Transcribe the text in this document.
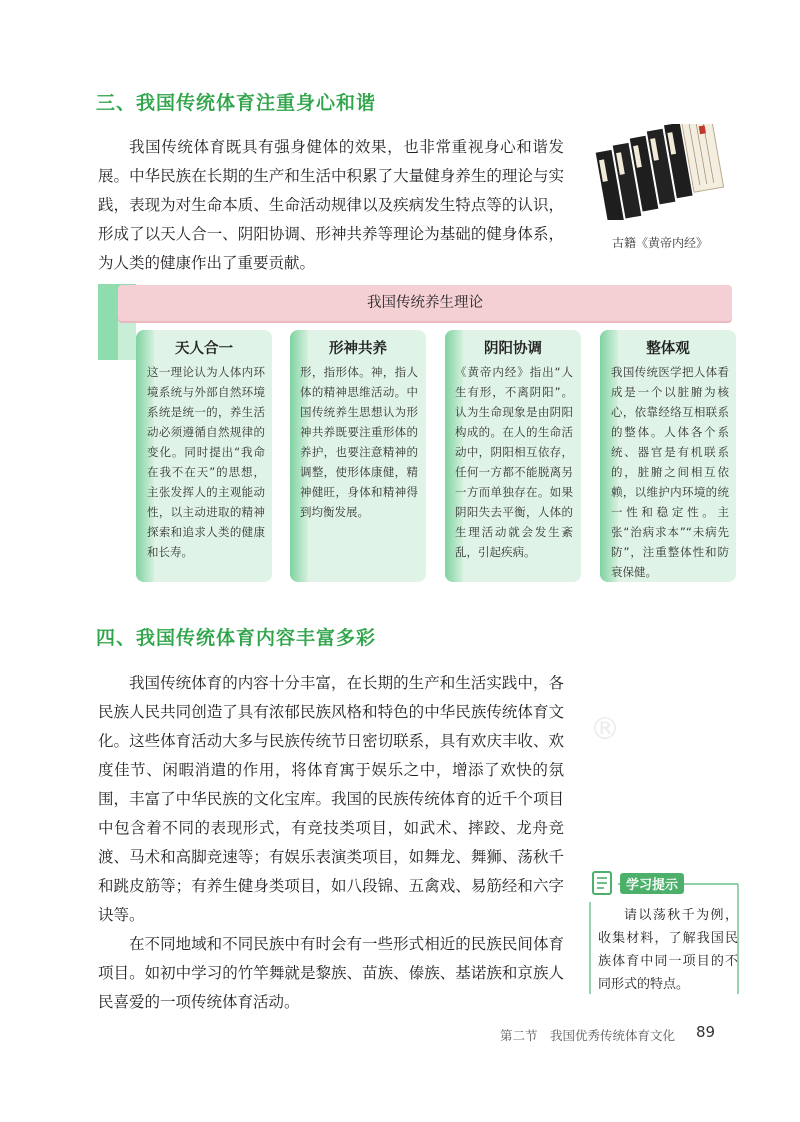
三、我国传统体育注重身心和谐

我国传统体育既具有强身健体的效果，也非常重视身心和谐发展。中华民族在长期的生产和生活中积累了大量健身养生的理论与实践，表现为对生命本质、生命活动规律以及疾病发生特点等的认识，形成了以天人合一、阴阳协调、形神共养等理论为基础的健身体系，为人类的健康作出了重要贡献。

古籍《黄帝内经》
我国传统养生理论
天人合一

这一理论认为人体内环境系统与外部自然环境系统是统一的，养生活动必须遵循自然规律的变化。同时提出“我命在我不在天”的思想，主张发挥人的主观能动性，以主动进取的精神探索和追求人类的健康和长寿。

形神共养

形，指形体。神，指人体的精神思维活动。中国传统养生思想认为形神共养既要注重形体的养护，也要注意精神的调整，使形体康健，精神健旺，身体和精神得到均衡发展。

阴阳协调

《黄帝内经》指出“人生有形，不离阴阳”。认为生命现象是由阴阳构成的。在人的生命活动中，阴阳相互依存，任何一方都不能脱离另一方而单独存在。如果阴阳失去平衡，人体的生理活动就会发生紊乱，引起疾病。

整体观

我国传统医学把人体看成是一个以脏腑为核心，依靠经络互相联系的整体。人体各个系统、器官是有机联系的，脏腑之间相互依赖，以维护内环境的统一性和稳定性。主张“治病求本”“未病先防”，注重整体性和防衰保健。

四、我国传统体育内容丰富多彩
®

我国传统体育的内容十分丰富，在长期的生产和生活实践中，各民族人民共同创造了具有浓郁民族风格和特色的中华民族传统体育文化。这些体育活动大多与民族传统节日密切联系，具有欢庆丰收、欢度佳节、闲暇消遣的作用，将体育寓于娱乐之中，增添了欢快的氛围，丰富了中华民族的文化宝库。我国的民族传统体育的近千个项目中包含着不同的表现形式，有竞技类项目，如武术、摔跤、龙舟竞渡、马术和高脚竞速等；有娱乐表演类项目，如舞龙、舞狮、荡秋千和跳皮筋等；有养生健身类项目，如八段锦、五禽戏、易筋经和六字诀等。

在不同地域和不同民族中有时会有一些形式相近的民族民间体育项目。如初中学习的竹竿舞就是黎族、苗族、傣族、基诺族和京族人民喜爱的一项传统体育活动。

学习提示

请以荡秋千为例，收集材料，了解我国民族体育中同一项目的不同形式的特点。

第二节　我国优秀传统体育文化 89
